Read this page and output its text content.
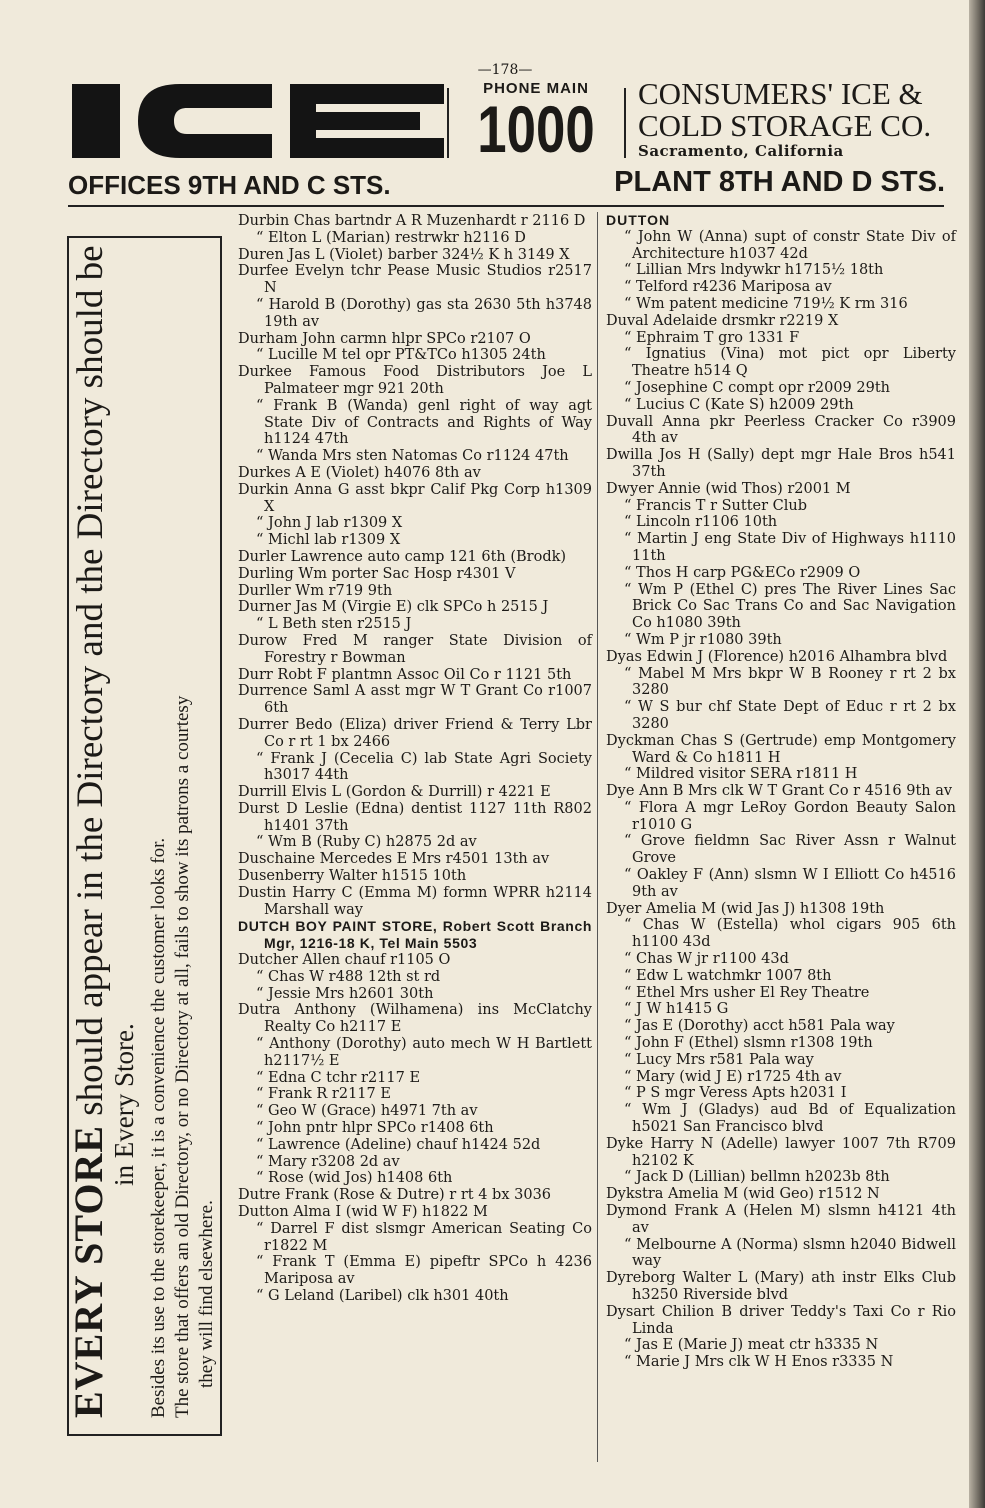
—178—
PHONE MAIN
1000 CONSUMERS' ICE &
COLD STORAGE CO.
Sacramento, California
OFFICES 9TH AND C STS.	PLANT 8TH AND D STS.
EVERY STORE should appear in the Directory and the Directory should be
in Every Store. Besides its use to the storekeeper, it is a convenience the customer looks for. The store that offers an old Directory, or no Directory at all, fails to show its patrons a courtesy they will find elsewhere.

Durbin Chas bartndr A R Muzenhardt r 2116 D

“ Elton L (Marian) restrwkr h2116 D

Duren Jas L (Violet) barber 324½ K h 3149 X

Durfee Evelyn tchr Pease Music Studios r2517 N

“ Harold B (Dorothy) gas sta 2630 5th h3748 19th av

Durham John carmn hlpr SPCo r2107 O

“ Lucille M tel opr PT&TCo h1305 24th

Durkee Famous Food Distributors Joe L Palmateer mgr 921 20th

“ Frank B (Wanda) genl right of way agt State Div of Contracts and Rights of Way h1124 47th

“ Wanda Mrs sten Natomas Co r1124 47th

Durkes A E (Violet) h4076 8th av

Durkin Anna G asst bkpr Calif Pkg Corp h1309 X

“ John J lab r1309 X

“ Michl lab r1309 X

Durler Lawrence auto camp 121 6th (Brodk)

Durling Wm porter Sac Hosp r4301 V

Durller Wm r719 9th

Durner Jas M (Virgie E) clk SPCo h 2515 J

“ L Beth sten r2515 J

Durow Fred M ranger State Division of Forestry r Bowman

Durr Robt F plantmn Assoc Oil Co r 1121 5th

Durrence Saml A asst mgr W T Grant Co r1007 6th

Durrer Bedo (Eliza) driver Friend & Terry Lbr Co r rt 1 bx 2466

“ Frank J (Cecelia C) lab State Agri Society h3017 44th

Durrill Elvis L (Gordon & Durrill) r 4221 E

Durst D Leslie (Edna) dentist 1127 11th R802 h1401 37th

“ Wm B (Ruby C) h2875 2d av

Duschaine Mercedes E Mrs r4501 13th av

Dusenberry Walter h1515 10th

Dustin Harry C (Emma M) formn WPRR h2114 Marshall way

DUTCH BOY PAINT STORE, Robert Scott Branch Mgr, 1216-18 K, Tel Main 5503

Dutcher Allen chauf r1105 O

“ Chas W r488 12th st rd

“ Jessie Mrs h2601 30th

Dutra Anthony (Wilhamena) ins McClatchy Realty Co h2117 E

“ Anthony (Dorothy) auto mech W H Bartlett h2117½ E

“ Edna C tchr r2117 E

“ Frank R r2117 E

“ Geo W (Grace) h4971 7th av

“ John pntr hlpr SPCo r1408 6th

“ Lawrence (Adeline) chauf h1424 52d

“ Mary r3208 2d av

“ Rose (wid Jos) h1408 6th

Dutre Frank (Rose & Dutre) r rt 4 bx 3036

Dutton Alma I (wid W F) h1822 M

“ Darrel F dist slsmgr American Seating Co r1822 M

“ Frank T (Emma E) pipeftr SPCo h 4236 Mariposa av

“ G Leland (Laribel) clk h301 40th

DUTTON

“ John W (Anna) supt of constr State Div of Architecture h1037 42d

“ Lillian Mrs lndywkr h1715½ 18th

“ Telford r4236 Mariposa av

“ Wm patent medicine 719½ K rm 316

Duval Adelaide drsmkr r2219 X

“ Ephraim T gro 1331 F

“ Ignatius (Vina) mot pict opr Liberty Theatre h514 Q

“ Josephine C compt opr r2009 29th

“ Lucius C (Kate S) h2009 29th

Duvall Anna pkr Peerless Cracker Co r3909 4th av

Dwilla Jos H (Sally) dept mgr Hale Bros h541 37th

Dwyer Annie (wid Thos) r2001 M

“ Francis T r Sutter Club

“ Lincoln r1106 10th

“ Martin J eng State Div of Highways h1110 11th

“ Thos H carp PG&ECo r2909 O

“ Wm P (Ethel C) pres The River Lines Sac Brick Co Sac Trans Co and Sac Navigation Co h1080 39th

“ Wm P jr r1080 39th

Dyas Edwin J (Florence) h2016 Alhambra blvd

“ Mabel M Mrs bkpr W B Rooney r rt 2 bx 3280

“ W S bur chf State Dept of Educ r rt 2 bx 3280

Dyckman Chas S (Gertrude) emp Montgomery Ward & Co h1811 H

“ Mildred visitor SERA r1811 H

Dye Ann B Mrs clk W T Grant Co r 4516 9th av

“ Flora A mgr LeRoy Gordon Beauty Salon r1010 G

“ Grove fieldmn Sac River Assn r Walnut Grove

“ Oakley F (Ann) slsmn W I Elliott Co h4516 9th av

Dyer Amelia M (wid Jas J) h1308 19th

“ Chas W (Estella) whol cigars 905 6th h1100 43d

“ Chas W jr r1100 43d

“ Edw L watchmkr 1007 8th

“ Ethel Mrs usher El Rey Theatre

“ J W h1415 G

“ Jas E (Dorothy) acct h581 Pala way

“ John F (Ethel) slsmn r1308 19th

“ Lucy Mrs r581 Pala way

“ Mary (wid J E) r1725 4th av

“ P S mgr Veress Apts h2031 I

“ Wm J (Gladys) aud Bd of Equalization h5021 San Francisco blvd

Dyke Harry N (Adelle) lawyer 1007 7th R709 h2102 K

“ Jack D (Lillian) bellmn h2023b 8th

Dykstra Amelia M (wid Geo) r1512 N

Dymond Frank A (Helen M) slsmn h4121 4th av

“ Melbourne A (Norma) slsmn h2040 Bidwell way

Dyreborg Walter L (Mary) ath instr Elks Club h3250 Riverside blvd

Dysart Chilion B driver Teddy's Taxi Co r Rio Linda

“ Jas E (Marie J) meat ctr h3335 N

“ Marie J Mrs clk W H Enos r3335 N
